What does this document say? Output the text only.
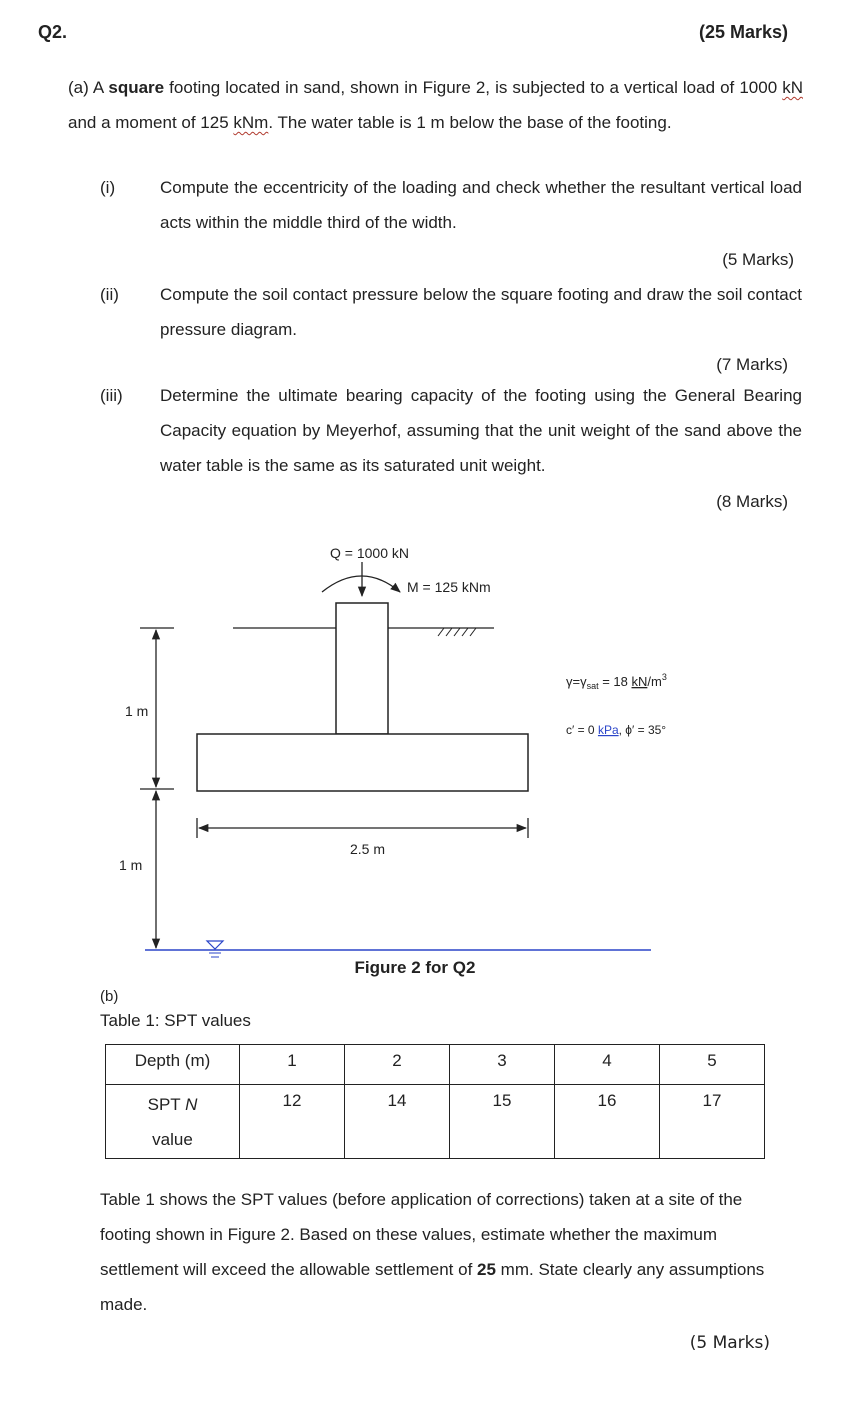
Q2.	(25 Marks)
(a) A square footing located in sand, shown in Figure 2, is subjected to a vertical load of 1000 kN and a moment of 125 kNm. The water table is 1 m below the base of the footing.
(i)	Compute the eccentricity of the loading and check whether the resultant vertical load acts within the middle third of the width.
(5 Marks)
(ii) Compute the soil contact pressure below the square footing and draw the soil contact pressure diagram.
(7 Marks)
(iii) Determine the ultimate bearing capacity of the footing using the General Bearing Capacity equation by Meyerhof, assuming that the unit weight of the sand above the water table is the same as its saturated unit weight.
(8 Marks)
Q = 1000 kN
M = 125 kNm
1 m
1 m
2.5 m
$\gamma=\gamma_{sat} = 18$ $kN/m^3$
c′ = 0 kPa, ϕ′ = 35°
Figure 2 for Q2
(b)
Table 1: SPT values
Depth (m)	1	2	3	4	5
SPT N
value	12	14	15	16	17
Table 1 shows the SPT values (before application of corrections) taken at a site of the footing shown in Figure 2. Based on these values, estimate whether the maximum settlement will exceed the allowable settlement of 25 mm. State clearly any assumptions made.
(5 Marks)
